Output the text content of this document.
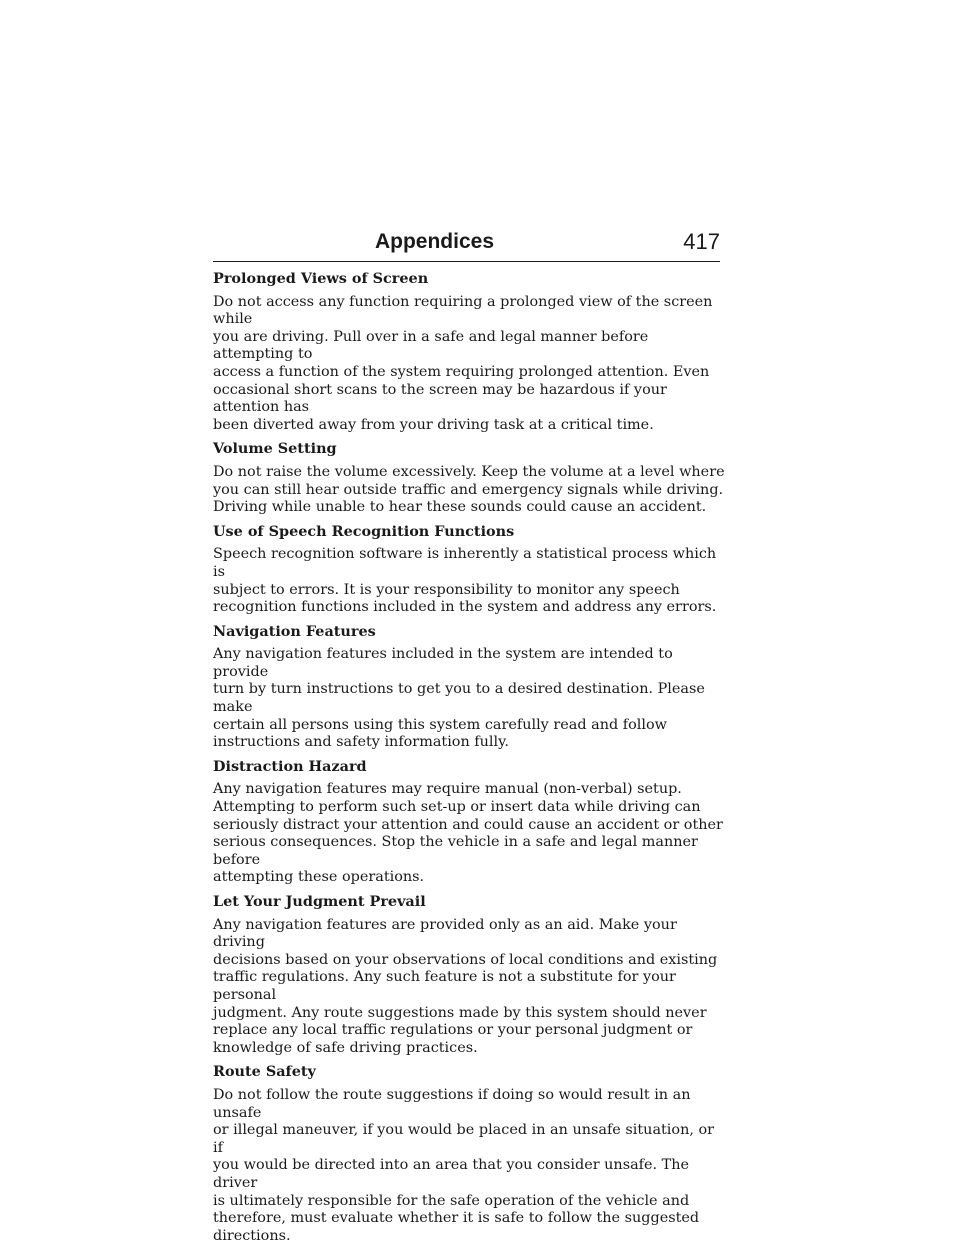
Appendices	417

Prolonged Views of Screen

Do not access any function requiring a prolonged view of the screen while
you are driving. Pull over in a safe and legal manner before attempting to
access a function of the system requiring prolonged attention. Even
occasional short scans to the screen may be hazardous if your attention has
been diverted away from your driving task at a critical time.

Volume Setting

Do not raise the volume excessively. Keep the volume at a level where
you can still hear outside traffic and emergency signals while driving.
Driving while unable to hear these sounds could cause an accident.

Use of Speech Recognition Functions

Speech recognition software is inherently a statistical process which is
subject to errors. It is your responsibility to monitor any speech
recognition functions included in the system and address any errors.

Navigation Features

Any navigation features included in the system are intended to provide
turn by turn instructions to get you to a desired destination. Please make
certain all persons using this system carefully read and follow
instructions and safety information fully.

Distraction Hazard

Any navigation features may require manual (non-verbal) setup.
Attempting to perform such set-up or insert data while driving can
seriously distract your attention and could cause an accident or other
serious consequences. Stop the vehicle in a safe and legal manner before
attempting these operations.

Let Your Judgment Prevail

Any navigation features are provided only as an aid. Make your driving
decisions based on your observations of local conditions and existing
traffic regulations. Any such feature is not a substitute for your personal
judgment. Any route suggestions made by this system should never
replace any local traffic regulations or your personal judgment or
knowledge of safe driving practices.

Route Safety

Do not follow the route suggestions if doing so would result in an unsafe
or illegal maneuver, if you would be placed in an unsafe situation, or if
you would be directed into an area that you consider unsafe. The driver
is ultimately responsible for the safe operation of the vehicle and
therefore, must evaluate whether it is safe to follow the suggested
directions.
